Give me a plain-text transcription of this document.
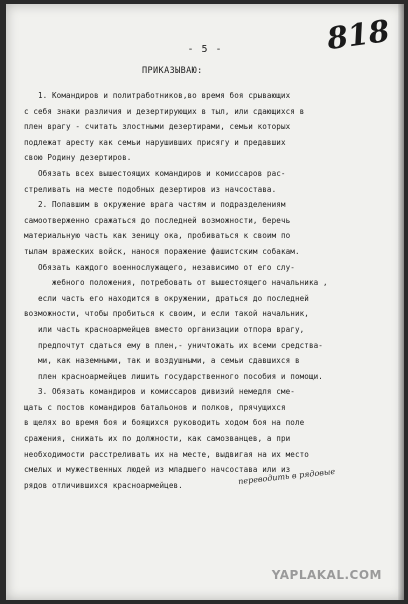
818
- 5 -
ПРИКАЗЫВАЮ:
1. Командиров и политработников,во время боя срывающих
с себя знаки различия и дезертирующих в тыл, или сдающихся в
плен врагу - считать злостными дезертирами, семьи которых
подлежат аресту как семьи нарушивших присягу и предавших
свою Родину дезертиров.
Обязать всех вышестоящих командиров и комиссаров рас-
стреливать на месте подобных дезертиров из начсостава.
2. Попавшим в окружение врага частям и подразделениям
самоотверженно сражаться до последней возможности, беречь
материальную часть как зеницу ока, пробиваться к своим по
тылам вражеских войск, нанося поражение фашистским собакам.
Обязать каждого военнослужащего, независимо от его слу-
жебного положения, потребовать от вышестоящего начальника ,
если часть его находится в окружении, драться до последней
возможности, чтобы пробиться к своим, и если такой начальник,
или часть красноармейцев вместо организации отпора врагу,
предпочтут сдаться ему в плен,- уничтожать их всеми средства-
ми, как наземными, так и воздушными, а семьи сдавшихся в
плен красноармейцев лишить государственного пособия и помощи.
3. Обязать командиров и комиссаров дивизий немедля сме-
щать с постов командиров батальонов и полков, прячущихся
в щелях во время боя и боящихся руководить ходом боя на поле
сражения, снижать их по должности, как самозванцев, а при
необходимости расстреливать их на месте, выдвигая на их место
смелых и мужественных людей из младшего начсостава или из
рядов отличившихся красноармейцев.	переводить в рядовые
YAPLAKAL.COM
